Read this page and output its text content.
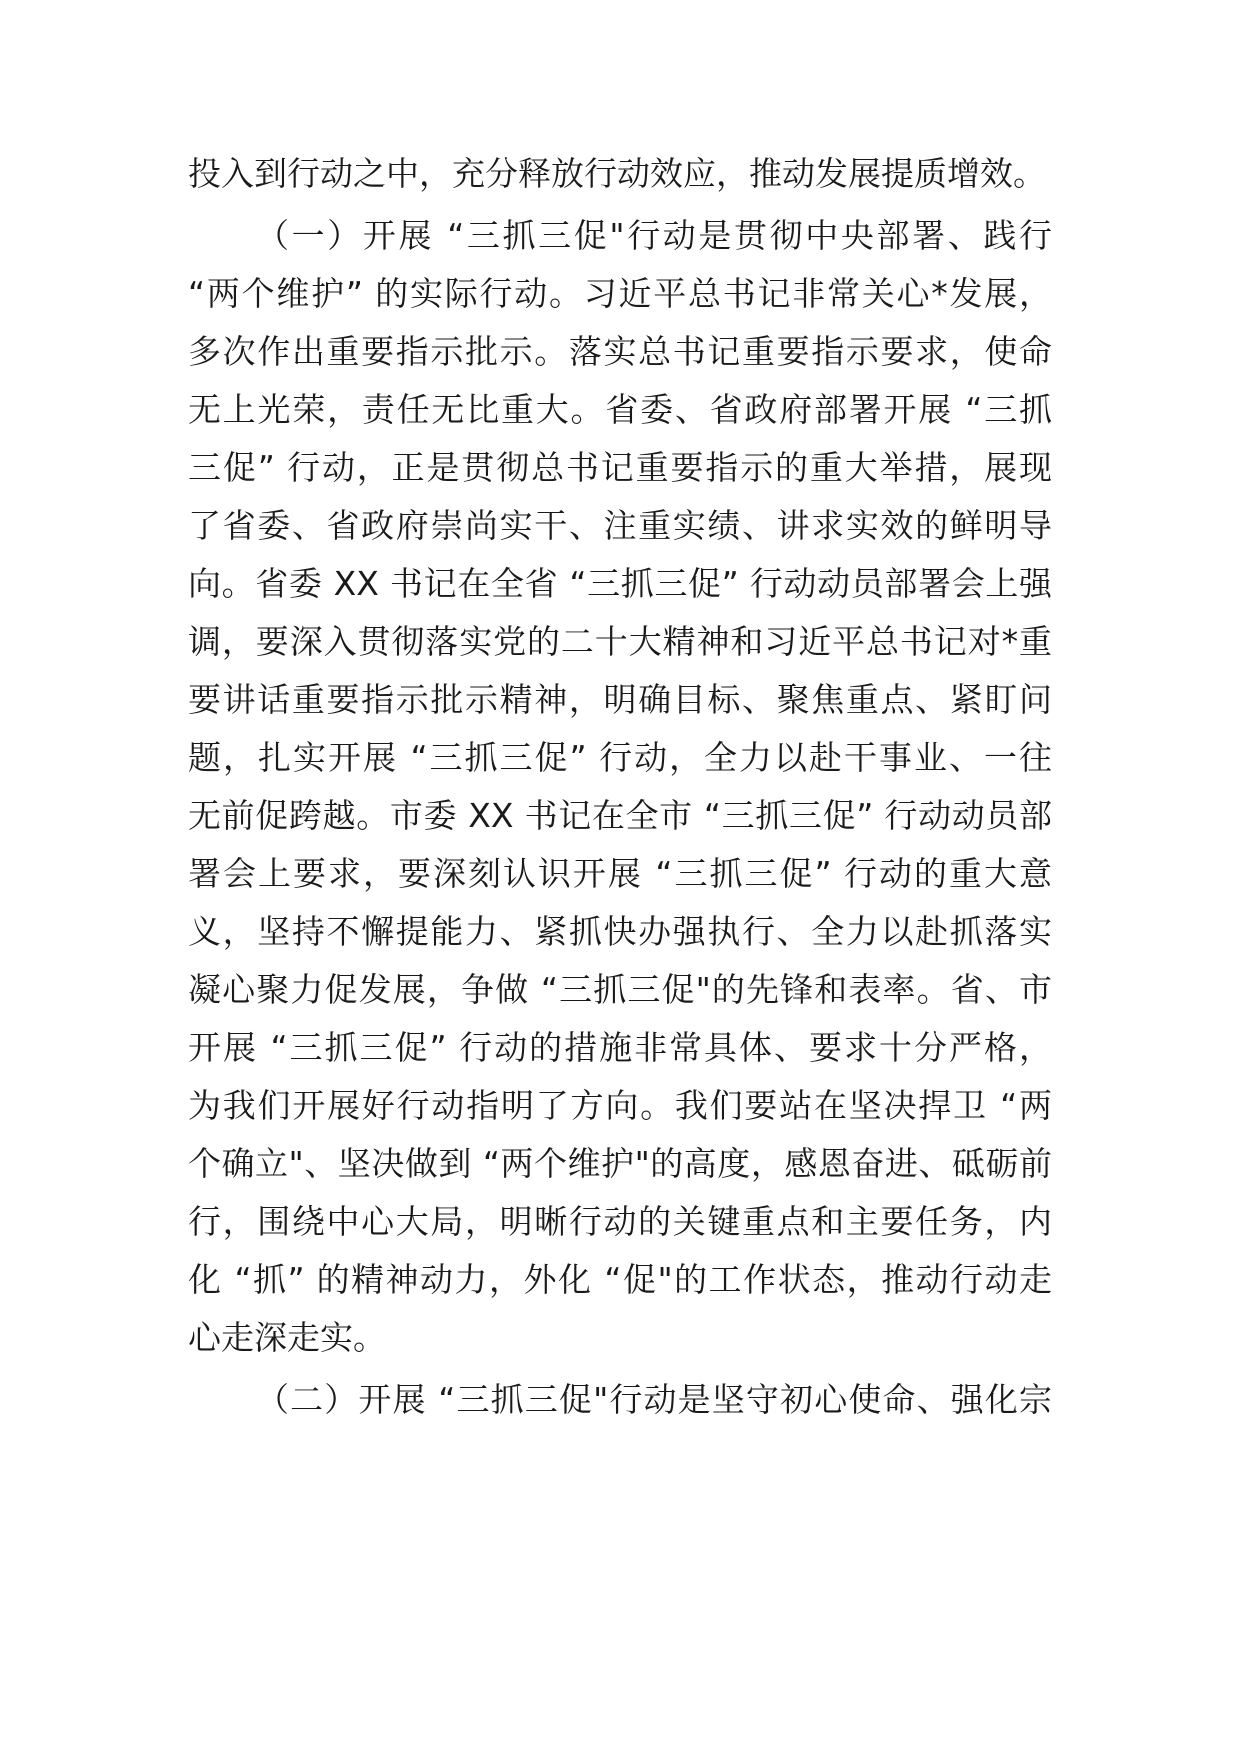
投入到行动之中，充分释放行动效应，推动发展提质增效。
（一）开展 “三抓三促"行动是贯彻中央部署、践行
“两个维护” 的实际行动。习近平总书记非常关心*发展，
多次作出重要指示批示。落实总书记重要指示要求，使命
无上光荣，责任无比重大。省委、省政府部署开展 “三抓
三促” 行动，正是贯彻总书记重要指示的重大举措，展现
了省委、省政府崇尚实干、注重实绩、讲求实效的鲜明导
向。省委 XX 书记在全省 “三抓三促” 行动动员部署会上强
调，要深入贯彻落实党的二十大精神和习近平总书记对*重
要讲话重要指示批示精神，明确目标、聚焦重点、紧盯问
题，扎实开展 “三抓三促” 行动，全力以赴干事业、一往
无前促跨越。市委 XX 书记在全市 “三抓三促” 行动动员部
署会上要求，要深刻认识开展 “三抓三促” 行动的重大意
义，坚持不懈提能力、紧抓快办强执行、全力以赴抓落实
凝心聚力促发展，争做 “三抓三促"的先锋和表率。省、市
开展 “三抓三促” 行动的措施非常具体、要求十分严格，
为我们开展好行动指明了方向。我们要站在坚决捍卫 “两
个确立"、坚决做到 “两个维护"的高度，感恩奋进、砥砺前
行，围绕中心大局，明晰行动的关键重点和主要任务，内
化 “抓” 的精神动力，外化 “促"的工作状态，推动行动走
心走深走实。
（二）开展 “三抓三促"行动是坚守初心使命、强化宗
